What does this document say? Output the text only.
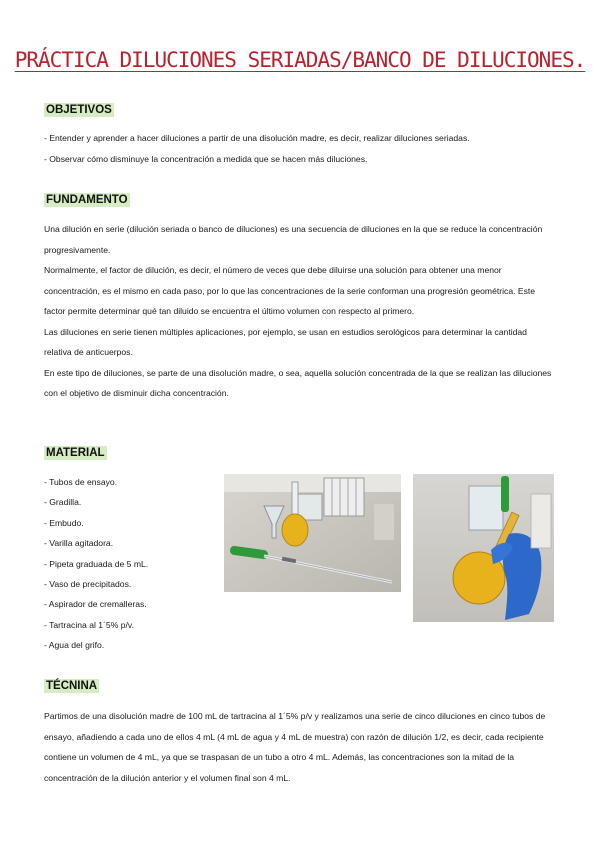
PRÁCTICA DILUCIONES SERIADAS/BANCO DE DILUCIONES.
OBJETIVOS
- Entender y aprender a hacer diluciones a partir de una disolución madre, es decir, realizar diluciones seriadas.
- Observar cómo disminuye la concentración a medida que se hacen más diluciones.
FUNDAMENTO
Una dilución en serie (dilución seriada o banco de diluciones) es una secuencia de diluciones en la que se reduce la concentración progresivamente.
Normalmente, el factor de dilución, es decir, el número de veces que debe diluirse una solución para obtener una menor concentración, es el mismo en cada paso, por lo que las concentraciones de la serie conforman una progresión geométrica. Este factor permite determinar qué tan diluido se encuentra el último volumen con respecto al primero.
Las diluciones en serie tienen múltiples aplicaciones, por ejemplo, se usan en estudios serológicos para determinar la cantidad relativa de anticuerpos.
En este tipo de diluciones, se parte de una disolución madre, o sea, aquella solución concentrada de la que se realizan las diluciones con el objetivo de disminuir dicha concentración.
MATERIAL
- Tubos de ensayo.
- Gradilla.
- Embudo.
- Varilla agitadora.
- Pipeta graduada de 5 mL.
- Vaso de precipitados.
- Aspirador de cremalleras.
- Tartracina al 1´5% p/v.
- Agua del grifo.
TÉCNINA
Partimos de una disolución madre de 100 mL de tartracina al 1´5% p/v y realizamos una serie de cinco diluciones en cinco tubos de ensayo, añadiendo a cada uno de ellos 4 mL (4 mL de agua y 4 mL de muestra) con razón de dilución 1/2, es decir, cada recipiente contiene un volumen de 4 mL, ya que se traspasan de un tubo a otro 4 mL. Además, las concentraciones son la mitad de la concentración de la dilución anterior y el volumen final son 4 mL.
